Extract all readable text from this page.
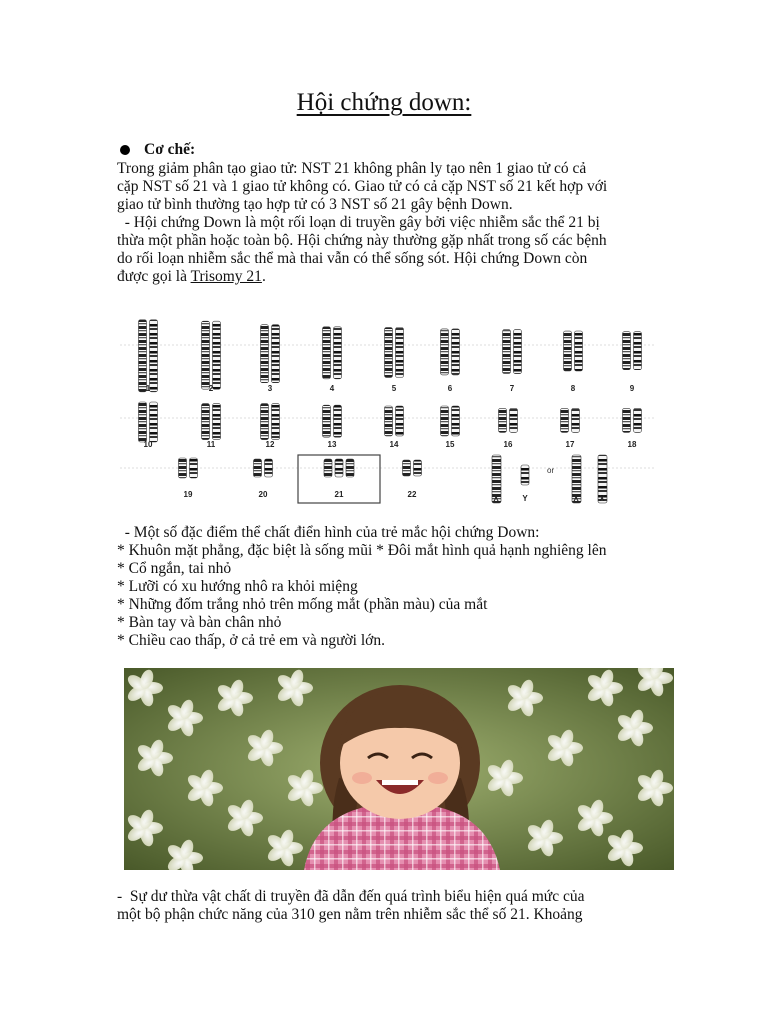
Hội chứng down:
Cơ chế:
Trong giảm phân tạo giao tử: NST 21 không phân ly tạo nên 1 giao tử có cả
cặp NST số 21 và 1 giao tử không có. Giao tử có cả cặp NST số 21 kết hợp với
giao tử bình thường tạo hợp tử có 3 NST số 21 gây bệnh Down.
- Hội chứng Down là một rối loạn di truyền gây bởi việc nhiễm sắc thể 21 bị
thừa một phần hoặc toàn bộ. Hội chứng này thường gặp nhất trong số các bệnh
do rối loạn nhiễm sắc thể mà thai vẫn có thể sống sót. Hội chứng Down còn
được gọi là Trisomy 21.
1	2	3	4	5	6	7	8	9
10	11	12	13	14	15	16	17	18
19	20	21	22
or
X	Y	X	X
- Một số đặc điểm thể chất điển hình của trẻ mắc hội chứng Down:
* Khuôn mặt phẳng, đặc biệt là sống mũi * Đôi mắt hình quả hạnh nghiêng lên
* Cổ ngắn, tai nhỏ
* Lưỡi có xu hướng nhô ra khỏi miệng
* Những đốm trắng nhỏ trên mống mắt (phần màu) của mắt
* Bàn tay và bàn chân nhỏ
* Chiều cao thấp, ở cả trẻ em và người lớn.
-  Sự dư thừa vật chất di truyền đã dẫn đến quá trình biểu hiện quá mức của
một bộ phận chức năng của 310 gen nằm trên nhiễm sắc thể số 21. Khoảng
